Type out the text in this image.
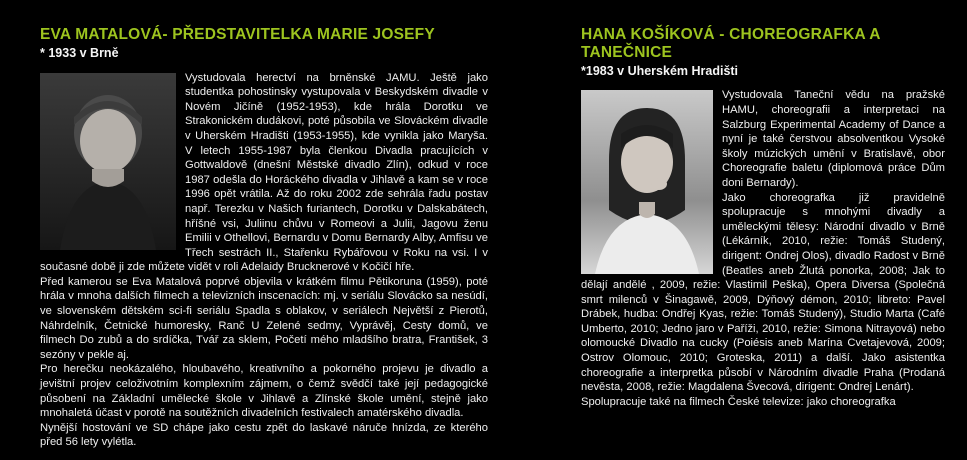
EVA MATALOVÁ- PŘEDSTAVITELKA MARIE JOSEFY
* 1933 v Brně

Vystudovala herectví na brněnské JAMU. Ještě jako studentka pohostinsky vystupovala v Beskydském divadle v Novém Jičíně (1952-1953), kde hrála Dorotku ve Strakonickém dudákovi, poté působila ve Slováckém divadle v Uherském Hradišti (1953-1955), kde vynikla jako Maryša. V letech 1955-1987 byla členkou Divadla pracujících v Gottwaldově (dnešní Městské divadlo Zlín), odkud v roce 1987 odešla do Horáckého divadla v Jihlavě a kam se v roce 1996 opět vrátila. Až do roku 2002 zde sehrála řadu postav např. Terezku v Našich furiantech, Dorotku v Dalskabátech, hříšné vsi, Juliinu chůvu v Romeovi a Julii, Jagovu ženu Emilii v Othellovi, Bernardu v Domu Bernardy Alby, Amfisu ve Třech sestrách II., Stařenku Rybářovou v Roku na vsi. I v současné době ji zde můžete vidět v roli Adelaidy Brucknerové v Kočičí hře.

Před kamerou se Eva Matalová poprvé objevila v krátkém filmu Pětikoruna (1959), poté hrála v mnoha dalších filmech a televizních inscenacích: mj. v seriálu Slovácko sa nesúdí, ve slovenském dětském sci-fi seriálu Spadla s oblakov, v seriálech Největší z Pierotů, Náhrdelník, Četnické humoresky, Ranč U Zelené sedmy, Vyprávěj, Cesty domů, ve filmech Do zubů a do srdíčka, Tvář za sklem, Početí mého mladšího bratra, František, 3 sezóny v pekle aj.

Pro herečku neokázalého, hloubavého, kreativního a pokorného projevu je divadlo a jevištní projev celoživotním komplexním zájmem, o čemž svědčí také její pedagogické působení na Základní umělecké škole v Jihlavě a Zlínské škole umění, stejně jako mnohaletá účast v porotě na soutěžních divadelních festivalech amatérského divadla.

Nynější hostování ve SD chápe jako cestu zpět do laskavé náruče hnízda, ze kterého před 56 lety vylétla.

HANA KOŠÍKOVÁ - CHOREOGRAFKA A TANEČNICE
*1983 v Uherském Hradišti

Vystudovala Taneční vědu na pražské HAMU, choreografii a interpretaci na Salzburg Experimental Academy of Dance a nyní je také čerstvou absolventkou Vysoké školy múzických umění v Bratislavě, obor Choreografie baletu (diplomová práce Dům doni Bernardy).

Jako choreografka již pravidelně spolupracuje s mnohými divadly a uměleckými tělesy: Národní divadlo v Brně (Lékárník, 2010, režie: Tomáš Studený, dirigent: Ondrej Olos), divadlo Radost v Brně (Beatles aneb Žlutá ponorka, 2008; Jak to dělají andělé , 2009, režie: Vlastimil Peška), Opera Diversa (Společná smrt milenců v Šinagawě, 2009, Dýňový démon, 2010; libreto: Pavel Drábek, hudba: Ondřej Kyas, režie: Tomáš Studený), Studio Marta (Café Umberto, 2010; Jedno jaro v Paříži, 2010, režie: Simona Nitrayová) nebo olomoucké Divadlo na cucky (Poiésis aneb Marína Cvetajevová, 2009; Ostrov Olomouc, 2010; Groteska, 2011) a další. Jako asistentka choreografie a interpretka působí v Národním divadle Praha (Prodaná nevěsta, 2008, režie: Magdalena Švecová, dirigent: Ondrej Lenárt).

Spolupracuje také na filmech České televize: jako choreografka
